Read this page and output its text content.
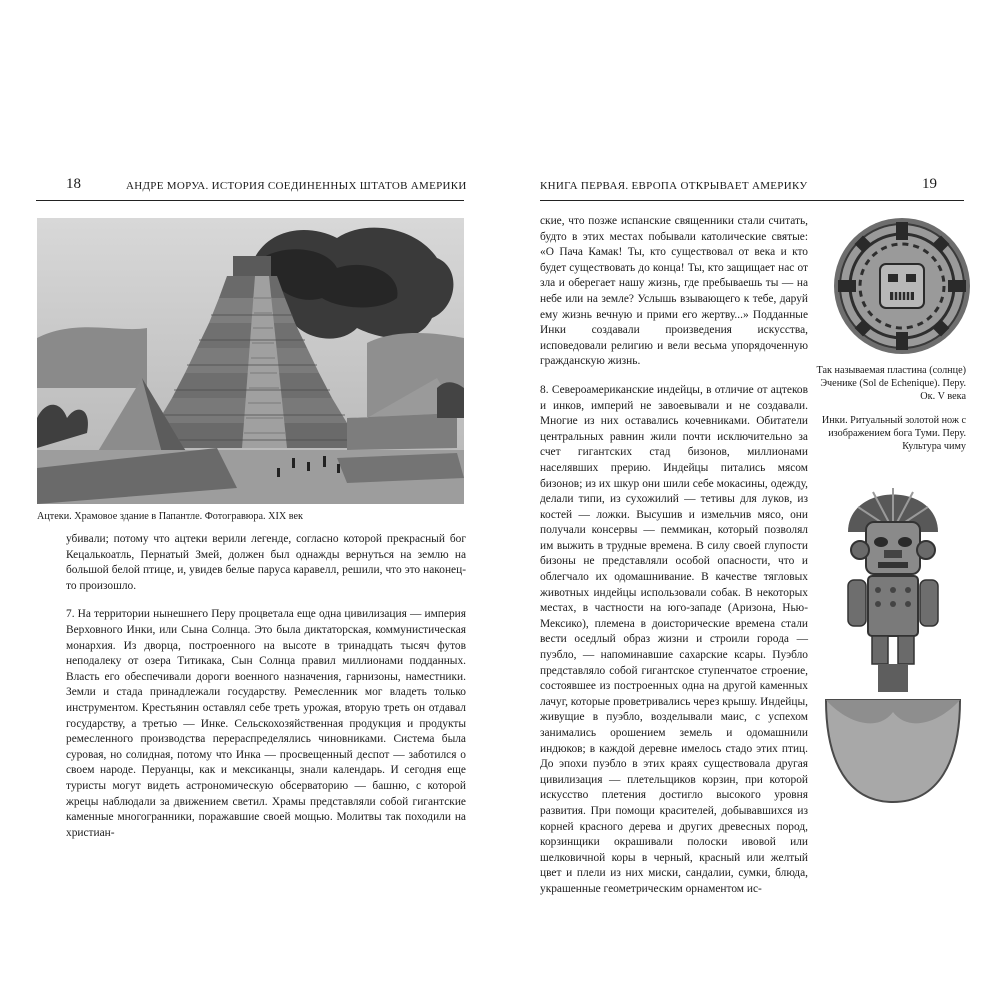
18	АНДРЕ МОРУА. ИСТОРИЯ СОЕДИНЕННЫХ ШТАТОВ АМЕРИКИ
Ацтеки. Храмовое здание в Папантле. Фотогравюра. XIX век

убивали; потому что ацтеки верили легенде, согласно которой прекрасный бог Кецалькоатль, Пернатый Змей, должен был однажды вернуться на землю на большой белой птице, и, увидев белые паруса каравелл, решили, что это наконец-то произошло.

7. На территории нынешнего Перу процветала еще одна цивилизация — империя Верховного Инки, или Сына Солнца. Это была диктаторская, коммунистическая монархия. Из дворца, построенного на высоте в тринадцать тысяч футов неподалеку от озера Титикака, Сын Солнца правил миллионами подданных. Власть его обеспечивали дороги военного назначения, гарнизоны, наместники. Земли и стада принадлежали государству. Ремесленник мог владеть только инструментом. Крестьянин оставлял себе треть урожая, вторую треть он отдавал государству, а третью — Инке. Сельскохозяйственная продукция и продукты ремесленного производства перераспределялись чиновниками. Система была суровая, но солидная, потому что Инка — просвещенный деспот — заботился о своем народе. Перуанцы, как и мексиканцы, знали календарь. И сегодня еще туристы могут видеть астрономическую обсерваторию — башню, с которой жрецы наблюдали за движением светил. Храмы представляли собой гигантские каменные многогранники, поражавшие своей мощью. Молитвы так походили на христиан-

КНИГА ПЕРВАЯ. ЕВРОПА ОТКРЫВАЕТ АМЕРИКУ	19

ские, что позже испанские священники стали считать, будто в этих местах побывали католические святые: «О Пача Камак! Ты, кто существовал от века и кто будет существовать до конца! Ты, кто защищает нас от зла и оберегает нашу жизнь, где пребываешь ты — на небе или на земле? Услышь взывающего к тебе, даруй ему жизнь вечную и прими его жертву...» Подданные Инки создавали произведения искусства, исповедовали религию и вели весьма упорядоченную гражданскую жизнь.

8. Североамериканские индейцы, в отличие от ацтеков и инков, империй не завоевывали и не создавали. Многие из них оставались кочевниками. Обитатели центральных равнин жили почти исключительно за счет гигантских стад бизонов, миллионами населявших прерию. Индейцы питались мясом бизонов; из их шкур они шили себе мокасины, одежду, делали типи, из сухожилий — тетивы для луков, из костей — ложки. Высушив и измельчив мясо, они получали консервы — пеммикан, который позволял им выжить в трудные времена. В силу своей глупости бизоны не представляли особой опасности, что и облегчало их одомашнивание. В качестве тягловых животных индейцы использовали собак. В некоторых местах, в частности на юго-западе (Аризона, Нью-Мексико), племена в доисторические времена стали вести оседлый образ жизни и строили города — пуэбло, — напоминавшие сахарские ксары. Пуэбло представляло собой гигантское ступенчатое строение, состоявшее из построенных одна на другой каменных лачуг, которые проветривались через крышу. Индейцы, живущие в пуэбло, возделывали маис, с успехом занимались орошением земель и одомашнили индюков; в каждой деревне имелось стадо этих птиц. До эпохи пуэбло в этих краях существовала другая цивилизация — плетельщиков корзин, при которой искусство плетения достигло высокого уровня развития. При помощи красителей, добывавшихся из корней красного дерева и других древесных пород, корзинщики окрашивали полоски ивовой или шелковичной коры в черный, красный или желтый цвет и плели из них миски, сандалии, сумки, блюда, украшенные геометрическим орнаментом ис-

Так называемая пластина (солнце) Эченике (Sol de Echenique). Перу. Ок. V века
Инки. Ритуальный золотой нож с изображением бога Туми. Перу. Культура чиму
